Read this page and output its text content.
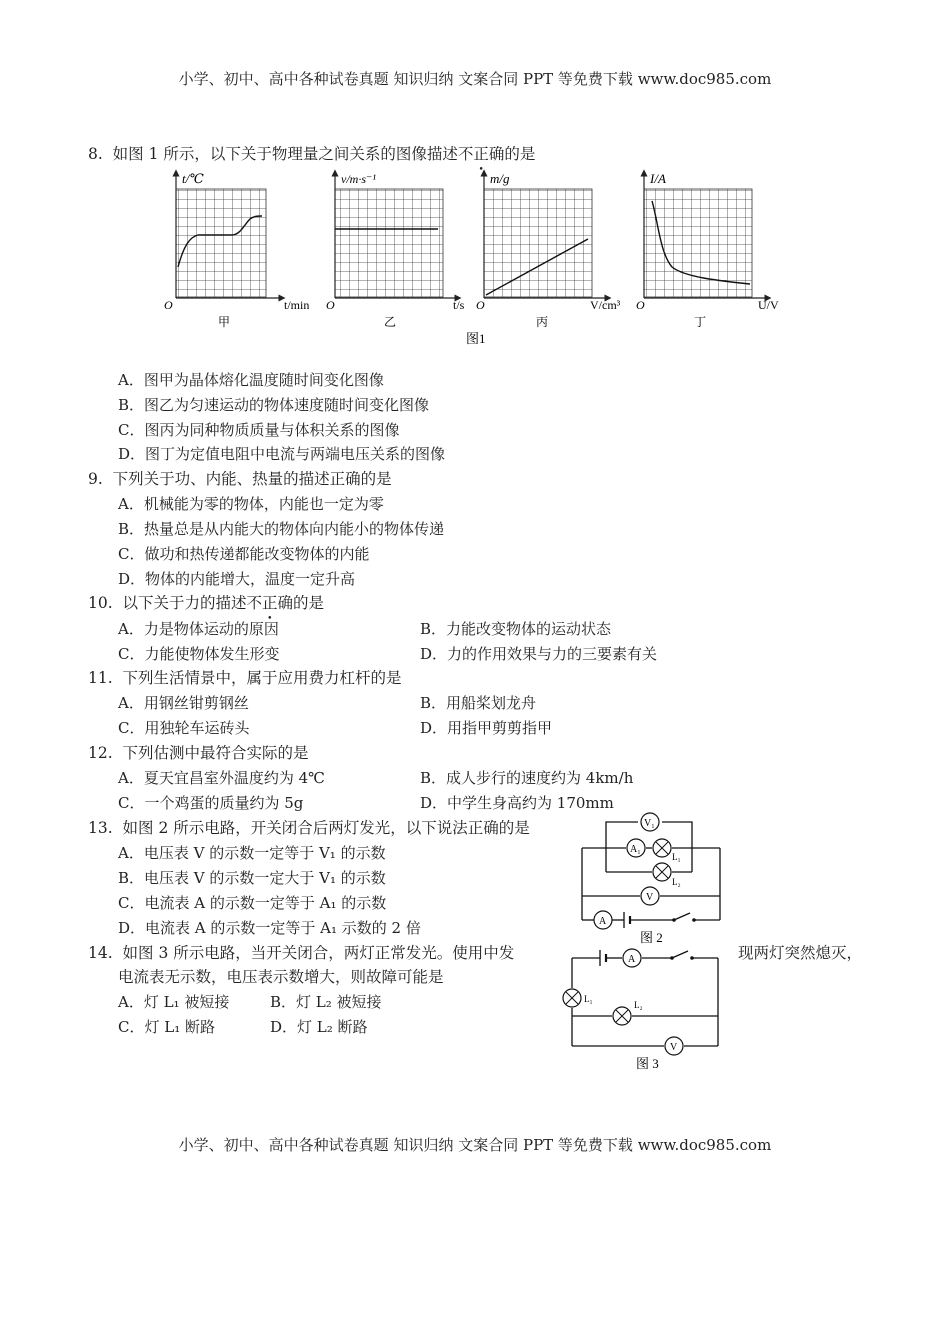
小学、初中、高中各种试卷真题 知识归纳 文案合同 PPT 等免费下载 www.doc985.com
8. 如图 1 所示，以下关于物理量之间关系的图像描述不正确的是
t/℃
O	t/min
甲
v/m·s⁻¹
O	t/s
乙
m/g
O	V/cm³
丙
I/A
O	U/V
丁
图1
A．图甲为晶体熔化温度随时间变化图像
B．图乙为匀速运动的物体速度随时间变化图像
C．图丙为同种物质质量与体积关系的图像
D．图丁为定值电阻中电流与两端电压关系的图像
9. 下列关于功、内能、热量的描述正确的是
A．机械能为零的物体，内能也一定为零
B．热量总是从内能大的物体向内能小的物体传递
C．做功和热传递都能改变物体的内能
D．物体的内能增大，温度一定升高
10. 以下关于力的描述不正确的是
A．力是物体运动的原因	B．力能改变物体的运动状态
C．力能使物体发生形变	D．力的作用效果与力的三要素有关
11. 下列生活情景中，属于应用费力杠杆的是
A．用钢丝钳剪钢丝	B．用船桨划龙舟
C．用独轮车运砖头	D．用指甲剪剪指甲
12. 下列估测中最符合实际的是
A．夏天宜昌室外温度约为 4℃	B．成人步行的速度约为 4km/h
C．一个鸡蛋的质量约为 5g	D．中学生身高约为 170mm
13. 如图 2 所示电路，开关闭合后两灯发光，以下说法正确的是
A．电压表 V 的示数一定等于 V₁ 的示数
B．电压表 V 的示数一定大于 V₁ 的示数
C．电流表 A 的示数一定等于 A₁ 的示数
D．电流表 A 的示数一定等于 A₁ 示数的 2 倍
V₁
A₁
L₁
L₂
V
A
图 2
14. 如图 3 所示电路，当开关闭合，两灯正常发光。使用中发	现两灯突然熄灭，
电流表无示数，电压表示数增大，则故障可能是
A．灯 L₁ 被短接	B．灯 L₂ 被短接
C．灯 L₁ 断路	D．灯 L₂ 断路
A
L₁
L₂
V
图 3
小学、初中、高中各种试卷真题 知识归纳 文案合同 PPT 等免费下载 www.doc985.com
